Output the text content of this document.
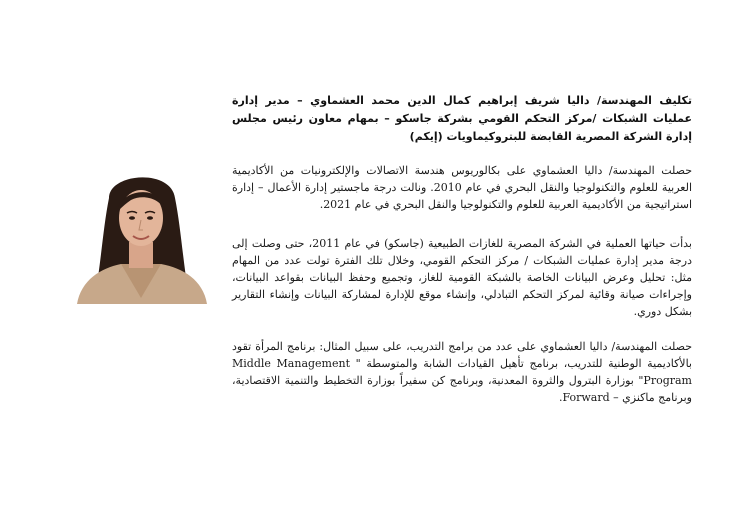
تكليف المهندسة/ داليا شريف إبراهيم كمال الدين محمد العشماوي – مدير إدارة عمليات الشبكات /مركز التحكم القومي بشركة جاسكو – بمهام معاون رئيس مجلس إدارة الشركة المصرية القابضة للبتروكيماويات (إيكم)

حصلت المهندسة/ داليا العشماوي على بكالوريوس هندسة الاتصالات والإلكترونيات من الأكاديمية العربية للعلوم والتكنولوجيا والنقل البحري في عام 2010. ونالت درجة ماجستير إدارة الأعمال – إدارة استراتيجية من الأكاديمية العربية للعلوم والتكنولوجيا والنقل البحري في عام 2021.

بدأت حياتها العملية في الشركة المصرية للغازات الطبيعية (جاسكو) في عام 2011، حتى وصلت إلى درجة مدير إدارة عمليات الشبكات / مركز التحكم القومي، وخلال تلك الفترة تولت عدد من المهام مثل: تحليل وعرض البيانات الخاصة بالشبكة القومية للغاز، وتجميع وحفظ البيانات بقواعد البيانات، وإجراءات صيانة وقائية لمركز التحكم التبادلي، وإنشاء موقع للإدارة لمشاركة البيانات وإنشاء التقارير بشكل دوري.

حصلت المهندسة/ داليا العشماوي على عدد من برامج التدريب، على سبيل المثال: برنامج المرأة تقود بالأكاديمية الوطنية للتدريب، برنامج تأهيل القيادات الشابة والمتوسطة " Middle Management Program" بوزارة البترول والثروة المعدنية، وبرنامج كن سفيراً بوزارة التخطيط والتنمية الاقتصادية، وبرنامج ماكنزي – Forward.
